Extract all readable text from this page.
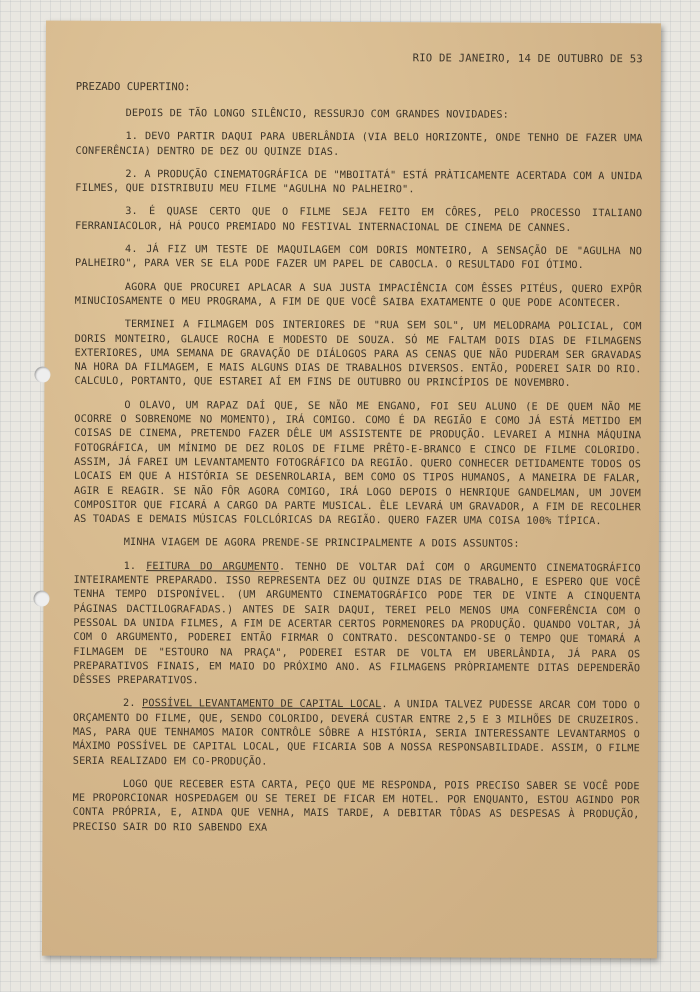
RIO DE JANEIRO, 14 DE OUTUBRO DE 53
PREZADO CUPERTINO:

DEPOIS DE TÃO LONGO SILÊNCIO, RESSURJO COM GRANDES NOVIDADES:

1. DEVO PARTIR DAQUI PARA UBERLÂNDIA (VIA BELO HORIZONTE, ONDE TENHO DE FAZER UMA CONFERÊNCIA) DENTRO DE DEZ OU QUINZE DIAS.

2. A PRODUÇÃO CINEMATOGRÁFICA DE "MBOITATÁ" ESTÁ PRÀTICAMENTE ACERTADA COM A UNIDA FILMES, QUE DISTRIBUIU MEU FILME "AGULHA NO PALHEIRO".

3. É QUASE CERTO QUE O FILME SEJA FEITO EM CÔRES, PELO PROCESSO ITALIANO FERRANIACOLOR, HÁ POUCO PREMIADO NO FESTIVAL INTERNACIONAL DE CINEMA DE CANNES.

4. JÁ FIZ UM TESTE DE MAQUILAGEM COM DORIS MONTEIRO, A SENSAÇÃO DE "AGULHA NO PALHEIRO", PARA VER SE ELA PODE FAZER UM PAPEL DE CABOCLA. O RESULTADO FOI ÓTIMO.

AGORA QUE PROCUREI APLACAR A SUA JUSTA IMPACIÊNCIA COM ÊSSES PITÉUS, QUERO EXPÔR MINUCIOSAMENTE O MEU PROGRAMA, A FIM DE QUE VOCÊ SAIBA EXATAMENTE O QUE PODE ACONTECER.

TERMINEI A FILMAGEM DOS INTERIORES DE "RUA SEM SOL", UM MELODRAMA POLICIAL, COM DORIS MONTEIRO, GLAUCE ROCHA E MODESTO DE SOUZA. SÓ ME FALTAM DOIS DIAS DE FILMAGENS EXTERIORES, UMA SEMANA DE GRAVAÇÃO DE DIÁLOGOS PARA AS CENAS QUE NÃO PUDERAM SER GRAVADAS NA HORA DA FILMAGEM, E MAIS ALGUNS DIAS DE TRABALHOS DIVERSOS. ENTÃO, PODEREI SAIR DO RIO. CALCULO, PORTANTO, QUE ESTAREI AÍ EM FINS DE OUTUBRO OU PRINCÍPIOS DE NOVEMBRO.

O OLAVO, UM RAPAZ DAÍ QUE, SE NÃO ME ENGANO, FOI SEU ALUNO (E DE QUEM NÃO ME OCORRE O SOBRENOME NO MOMENTO), IRÁ COMIGO. COMO É DA REGIÃO E COMO JÁ ESTÁ METIDO EM COISAS DE CINEMA, PRETENDO FAZER DÊLE UM ASSISTENTE DE PRODUÇÃO. LEVAREI A MINHA MÁQUINA FOTOGRÁFICA, UM MÍNIMO DE DEZ ROLOS DE FILME PRÊTO-E-BRANCO E CINCO DE FILME COLORIDO. ASSIM, JÁ FAREI UM LEVANTAMENTO FOTOGRÁFICO DA REGIÃO. QUERO CONHECER DETIDAMENTE TODOS OS LOCAIS EM QUE A HISTÓRIA SE DESENROLARIA, BEM COMO OS TIPOS HUMANOS, A MANEIRA DE FALAR, AGIR E REAGIR. SE NÃO FÔR AGORA COMIGO, IRÁ LOGO DEPOIS O HENRIQUE GANDELMAN, UM JOVEM COMPOSITOR QUE FICARÁ A CARGO DA PARTE MUSICAL. ÊLE LEVARÁ UM GRAVADOR, A FIM DE RECOLHER AS TOADAS E DEMAIS MÚSICAS FOLCLÓRICAS DA REGIÃO. QUERO FAZER UMA COISA 100% TÍPICA.

MINHA VIAGEM DE AGORA PRENDE-SE PRINCIPALMENTE A DOIS ASSUNTOS:

1. FEITURA DO ARGUMENTO. TENHO DE VOLTAR DAÍ COM O ARGUMENTO CINEMATOGRÁFICO INTEIRAMENTE PREPARADO. ISSO REPRESENTA DEZ OU QUINZE DIAS DE TRABALHO, E ESPERO QUE VOCÊ TENHA TEMPO DISPONÍVEL. (UM ARGUMENTO CINEMATOGRÁFICO PODE TER DE VINTE A CINQUENTA PÁGINAS DACTILOGRAFADAS.) ANTES DE SAIR DAQUI, TEREI PELO MENOS UMA CONFERÊNCIA COM O PESSOAL DA UNIDA FILMES, A FIM DE ACERTAR CERTOS PORMENORES DA PRODUÇÃO. QUANDO VOLTAR, JÁ COM O ARGUMENTO, PODEREI ENTÃO FIRMAR O CONTRATO. DESCONTANDO-SE O TEMPO QUE TOMARÁ A FILMAGEM DE "ESTOURO NA PRAÇA", PODEREI ESTAR DE VOLTA EM UBERLÂNDIA, JÁ PARA OS PREPARATIVOS FINAIS, EM MAIO DO PRÓXIMO ANO. AS FILMAGENS PRÒPRIAMENTE DITAS DEPENDERÃO DÊSSES PREPARATIVOS.

2. POSSÍVEL LEVANTAMENTO DE CAPITAL LOCAL. A UNIDA TALVEZ PUDESSE ARCAR COM TODO O ORÇAMENTO DO FILME, QUE, SENDO COLORIDO, DEVERÁ CUSTAR ENTRE 2,5 E 3 MILHÕES DE CRUZEIROS. MAS, PARA QUE TENHAMOS MAIOR CONTRÔLE SÔBRE A HISTÓRIA, SERIA INTERESSANTE LEVANTARMOS O MÁXIMO POSSÍVEL DE CAPITAL LOCAL, QUE FICARIA SOB A NOSSA RESPONSABILIDADE. ASSIM, O FILME SERIA REALIZADO EM CO-PRODUÇÃO.

LOGO QUE RECEBER ESTA CARTA, PEÇO QUE ME RESPONDA, POIS PRECISO SABER SE VOCÊ PODE ME PROPORCIONAR HOSPEDAGEM OU SE TEREI DE FICAR EM HOTEL. POR ENQUANTO, ESTOU AGINDO POR CONTA PRÓPRIA, E, AINDA QUE VENHA, MAIS TARDE, A DEBITAR TÔDAS AS DESPESAS À PRODUÇÃO, PRECISO SAIR DO RIO SABENDO EXA
